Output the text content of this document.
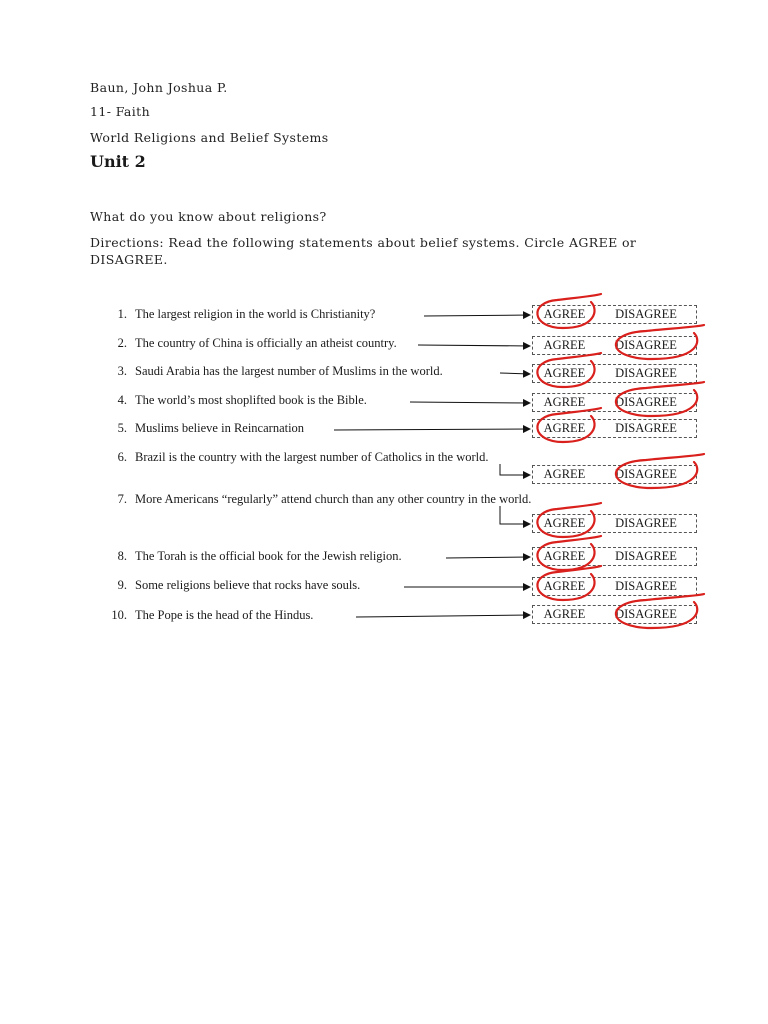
Baun, John Joshua P.
11- Faith
World Religions and Belief Systems
Unit 2
What do you know about religions?
Directions: Read the following statements about belief systems. Circle AGREE or DISAGREE.
1. The largest religion in the world is Christianity?	AGREE	DISAGREE
2. The country of China is officially an atheist country.	AGREE	DISAGREE
3. Saudi Arabia has the largest number of Muslims in the world.	AGREE	DISAGREE
4. The world’s most shoplifted book is the Bible.	AGREE	DISAGREE
5. Muslims believe in Reincarnation	AGREE	DISAGREE
6. Brazil is the country with the largest number of Catholics in the world.
AGREE	DISAGREE
7. More Americans “regularly” attend church than any other country in the world.
AGREE	DISAGREE
8. The Torah is the official book for the Jewish religion.	AGREE	DISAGREE
9. Some religions believe that rocks have souls.	AGREE	DISAGREE
10. The Pope is the head of the Hindus.	AGREE	DISAGREE
